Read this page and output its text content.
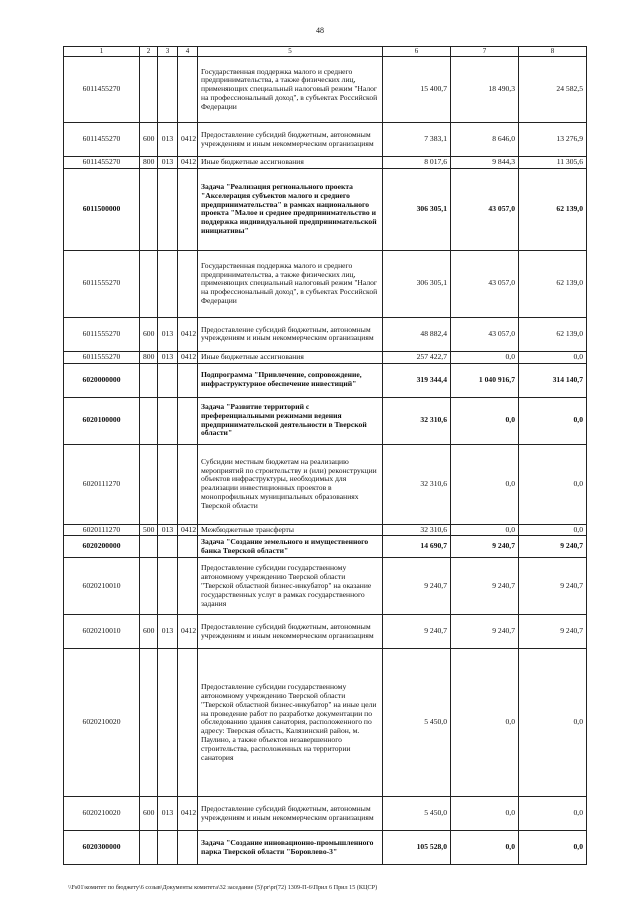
48
1	2	3	4	5	6	7	8
6011455270				Государственная поддержка малого и среднего предпринимательства, а также физических лиц, применяющих специальный налоговый режим "Налог на профессиональный доход", в субъектах Российской Федерации	15 400,7	18 490,3	24 582,5
6011455270	600	013	0412	Предоставление субсидий бюджетным, автономным учреждениям и иным некоммерческим организациям	7 383,1	8 646,0	13 276,9
6011455270	800	013	0412	Иные бюджетные ассигнования	8 017,6	9 844,3	11 305,6
6011500000				Задача "Реализация регионального проекта "Акселерация субъектов малого и среднего предпринимательства" в рамках национального проекта "Малое и среднее предпринимательство и поддержка индивидуальной предпринимательской инициативы"	306 305,1	43 057,0	62 139,0
6011555270				Государственная поддержка малого и среднего предпринимательства, а также физических лиц, применяющих специальный налоговый режим "Налог на профессиональный доход", в субъектах Российской Федерации	306 305,1	43 057,0	62 139,0
6011555270	600	013	0412	Предоставление субсидий бюджетным, автономным учреждениям и иным некоммерческим организациям	48 882,4	43 057,0	62 139,0
6011555270	800	013	0412	Иные бюджетные ассигнования	257 422,7	0,0	0,0
6020000000				Подпрограмма "Привлечение, сопровождение, инфраструктурное обеспечение инвестиций"	319 344,4	1 040 916,7	314 140,7
6020100000				Задача "Развитие территорий с преференциальными режимами ведения предпринимательской деятельности в Тверской области"	32 310,6	0,0	0,0
6020111270				Субсидии местным бюджетам на реализацию мероприятий по строительству и (или) реконструкции объектов инфраструктуры, необходимых для реализации инвестиционных проектов в монопрофильных муниципальных образованиях Тверской области	32 310,6	0,0	0,0
6020111270	500	013	0412	Межбюджетные трансферты	32 310,6	0,0	0,0
6020200000				Задача "Создание земельного и имущественного банка Тверской области"	14 690,7	9 240,7	9 240,7
6020210010				Предоставление субсидии государственному автономному учреждению Тверской области "Тверской областной бизнес-инкубатор" на оказание государственных услуг в рамках государственного задания	9 240,7	9 240,7	9 240,7
6020210010	600	013	0412	Предоставление субсидий бюджетным, автономным учреждениям и иным некоммерческим организациям	9 240,7	9 240,7	9 240,7
6020210020				Предоставление субсидии государственному автономному учреждению Тверской области "Тверской областной бизнес-инкубатор" на иные цели на проведение работ по разработке документации по обследованию здания санатория, расположенного по адресу: Тверская область, Калязинский район, м. Паулино, а также объектов незавершенного строительства, расположенных на территории санатория	5 450,0	0,0	0,0
6020210020	600	013	0412	Предоставление субсидий бюджетным, автономным учреждениям и иным некоммерческим организациям	5 450,0	0,0	0,0
6020300000				Задача "Создание инновационно-промышленного парка Тверской области "Боровлево-3"	105 528,0	0,0	0,0
\\Fs01\комитет по бюджету\6 созыв\Документы комитета\32 заседание (5)\pr\pr(72) 1309-П-6\Прил 6 Прил 15 (КЦСР)
